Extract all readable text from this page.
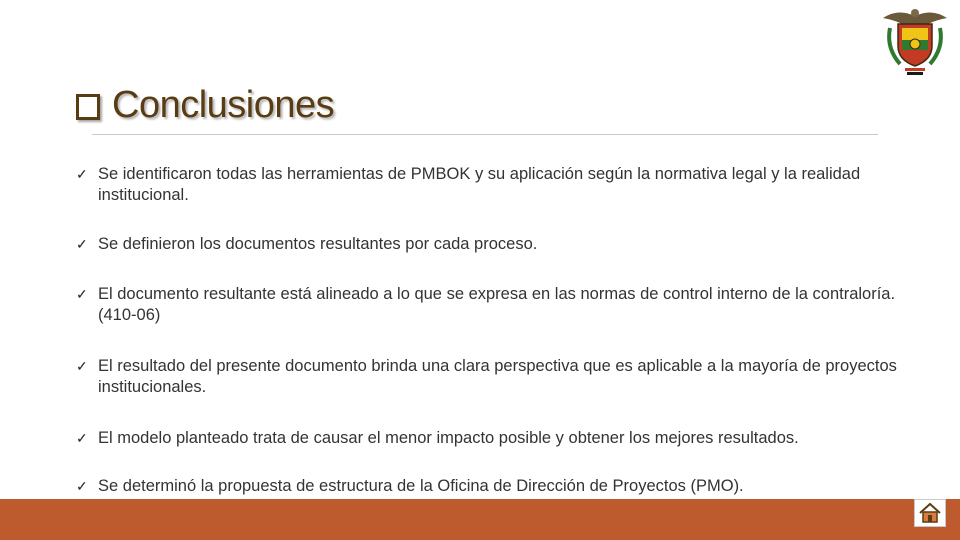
Conclusiones
✓ Se identificaron todas las herramientas de PMBOK y su aplicación según la normativa legal y la realidad institucional.
✓ Se definieron los documentos resultantes por cada proceso.
✓ El documento resultante está alineado a lo que se expresa en las normas de control interno de la contraloría. (410-06)
✓ El resultado del presente documento brinda una clara perspectiva que es aplicable a la mayoría de proyectos institucionales.
✓ El modelo planteado trata de causar el menor impacto posible y obtener los mejores resultados.
✓ Se determinó la propuesta de estructura de la Oficina de Dirección de Proyectos (PMO).
